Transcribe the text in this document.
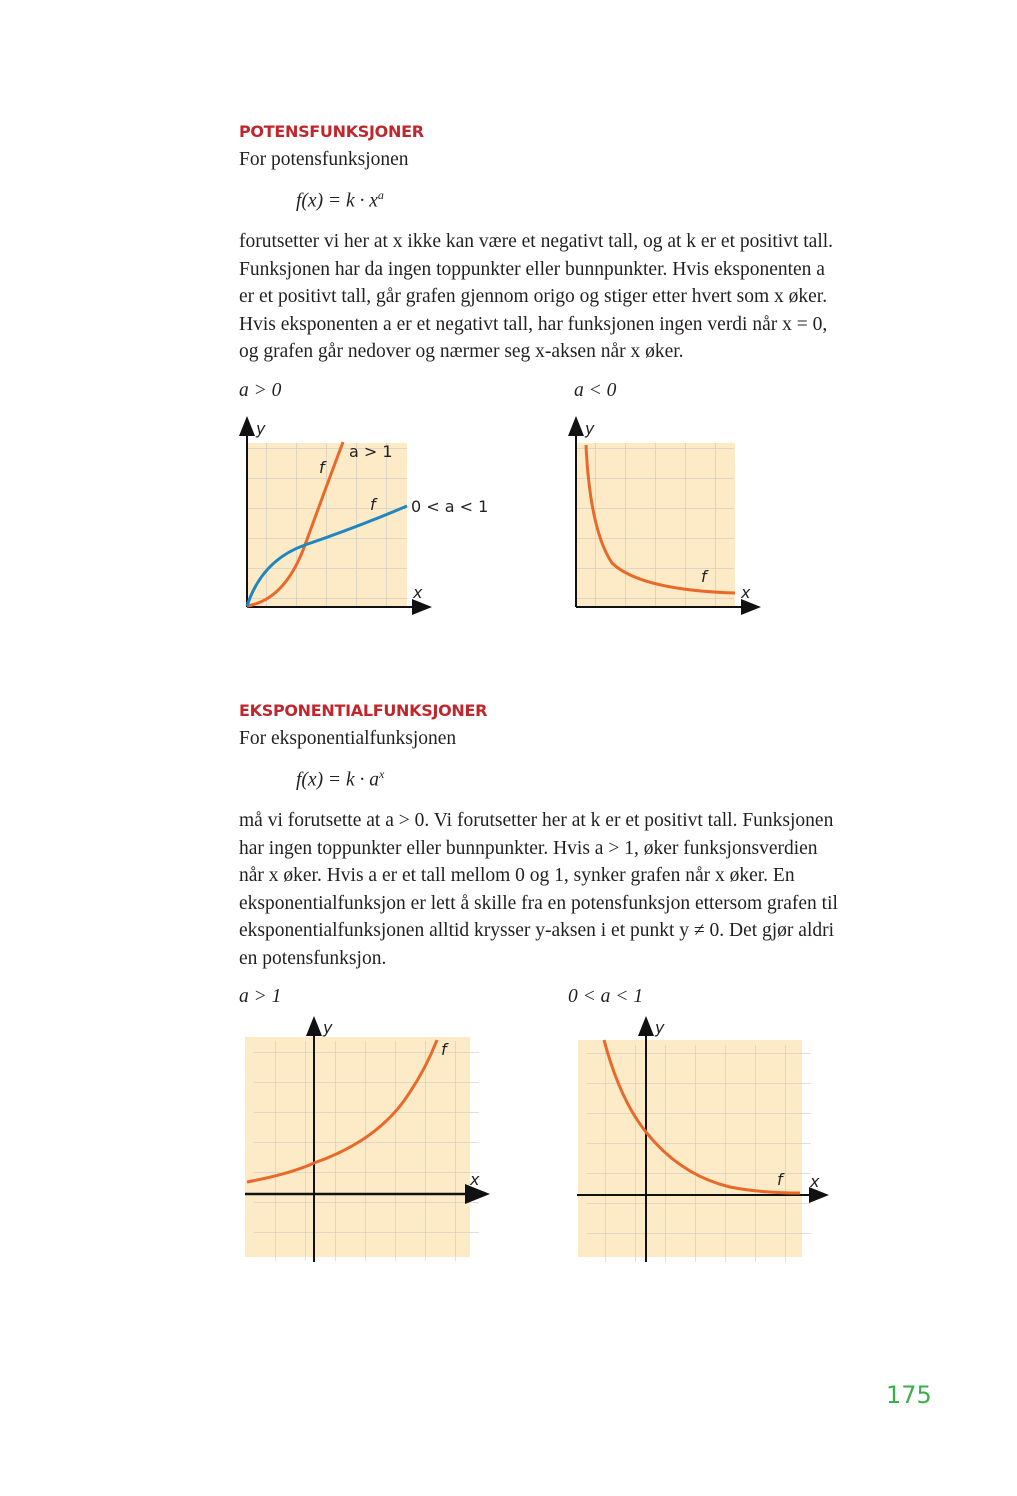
POTENSFUNKSJONER
For potensfunksjonen
$f(x) = k \cdot x^a$
forutsetter vi her at x ikke kan være et negativt tall, og at k er et positivt tall.
Funksjonen har da ingen toppunkter eller bunnpunkter. Hvis eksponenten a
er et positivt tall, går grafen gjennom origo og stiger etter hvert som x øker.
Hvis eksponenten a er et negativt tall, har funksjonen ingen verdi når x = 0,
og grafen går nedover og nærmer seg x-aksen når x øker.
a > 0	a < 0
EKSPONENTIALFUNKSJONER
For eksponentialfunksjonen
$f(x) = k \cdot a^x$
må vi forutsette at a > 0. Vi forutsetter her at k er et positivt tall. Funksjonen
har ingen toppunkter eller bunnpunkter. Hvis a > 1, øker funksjonsverdien
når x øker. Hvis a er et tall mellom 0 og 1, synker grafen når x øker. En
eksponentialfunksjon er lett å skille fra en potensfunksjon ettersom grafen til
eksponentialfunksjonen alltid krysser y-aksen i et punkt y ≠ 0. Det gjør aldri
en potensfunksjon.
a > 1	0 < a < 1
y
x
f
a > 1
f 0 < a < 1
y
x
f
y
x
f
y
x
f
175
